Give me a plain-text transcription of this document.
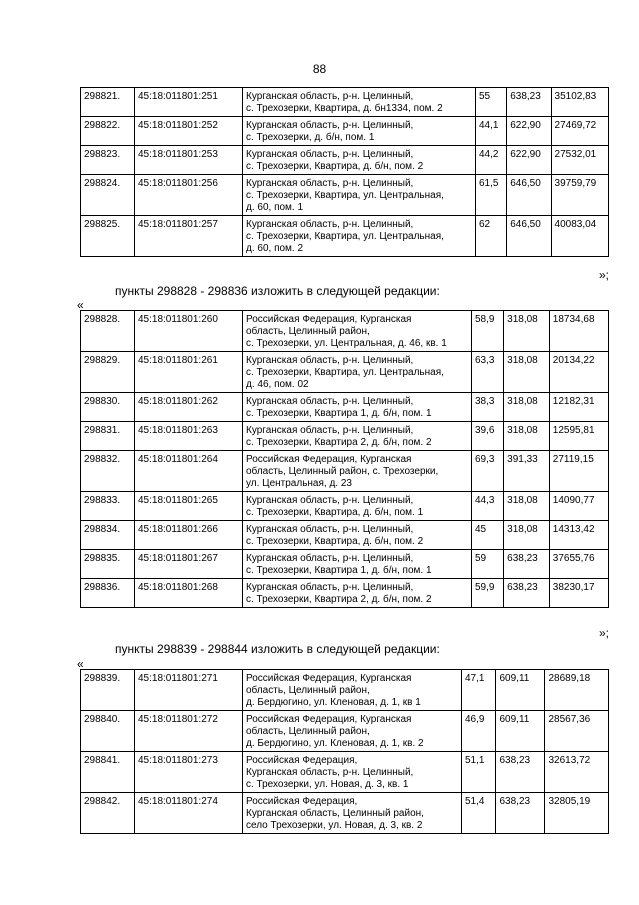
88
298821.	45:18:011801:251	Курганская область, р-н. Целинный,
с. Трехозерки, Квартира, д. бн1334, пом. 2	55	638,23	35102,83
298822.	45:18:011801:252	Курганская область, р-н. Целинный,
с. Трехозерки, д. б/н, пом. 1	44,1	622,90	27469,72
298823.	45:18:011801:253	Курганская область, р-н. Целинный,
с. Трехозерки, Квартира, д. б/н, пом. 2	44,2	622,90	27532,01
298824.	45:18:011801:256	Курганская область, р-н. Целинный,
с. Трехозерки, Квартира, ул. Центральная,
д. 60, пом. 1	61,5	646,50	39759,79
298825.	45:18:011801:257	Курганская область, р-н. Целинный,
с. Трехозерки, Квартира, ул. Центральная,
д. 60, пом. 2	62	646,50	40083,04
»;
пункты 298828 - 298836 изложить в следующей редакции:
«
298828.	45:18:011801:260	Российская Федерация, Курганская
область, Целинный район,
с. Трехозерки, ул. Центральная, д. 46, кв. 1	58,9	318,08	18734,68
298829.	45:18:011801:261	Курганская область, р-н. Целинный,
с. Трехозерки, Квартира, ул. Центральная,
д. 46, пом. 02	63,3	318,08	20134,22
298830.	45:18:011801:262	Курганская область, р-н. Целинный,
с. Трехозерки, Квартира 1, д. б/н, пом. 1	38,3	318,08	12182,31
298831.	45:18:011801:263	Курганская область, р-н. Целинный,
с. Трехозерки, Квартира 2, д. б/н, пом. 2	39,6	318,08	12595,81
298832.	45:18:011801:264	Российская Федерация, Курганская
область, Целинный район, с. Трехозерки,
ул. Центральная, д. 23	69,3	391,33	27119,15
298833.	45:18:011801:265	Курганская область, р-н. Целинный,
с. Трехозерки, Квартира, д. б/н, пом. 1	44,3	318,08	14090,77
298834.	45:18:011801:266	Курганская область, р-н. Целинный,
с. Трехозерки, Квартира, д. б/н, пом. 2	45	318,08	14313,42
298835.	45:18:011801:267	Курганская область, р-н. Целинный,
с. Трехозерки, Квартира 1, д. б/н, пом. 1	59	638,23	37655,76
298836.	45:18:011801:268	Курганская область, р-н. Целинный,
с. Трехозерки, Квартира 2, д. б/н, пом. 2	59,9	638,23	38230,17
»;
пункты 298839 - 298844 изложить в следующей редакции:
«
298839.	45:18:011801:271	Российская Федерация, Курганская
область, Целинный район,
д. Бердюгино, ул. Кленовая, д. 1, кв 1	47,1	609,11	28689,18
298840.	45:18:011801:272	Российская Федерация, Курганская
область, Целинный район,
д. Бердюгино, ул. Кленовая, д. 1, кв. 2	46,9	609,11	28567,36
298841.	45:18:011801:273	Российская Федерация,
Курганская область, р-н. Целинный,
с. Трехозерки, ул. Новая, д. 3, кв. 1	51,1	638,23	32613,72
298842.	45:18:011801:274	Российская Федерация,
Курганская область, Целинный район,
село Трехозерки, ул. Новая, д. 3, кв. 2	51,4	638,23	32805,19
